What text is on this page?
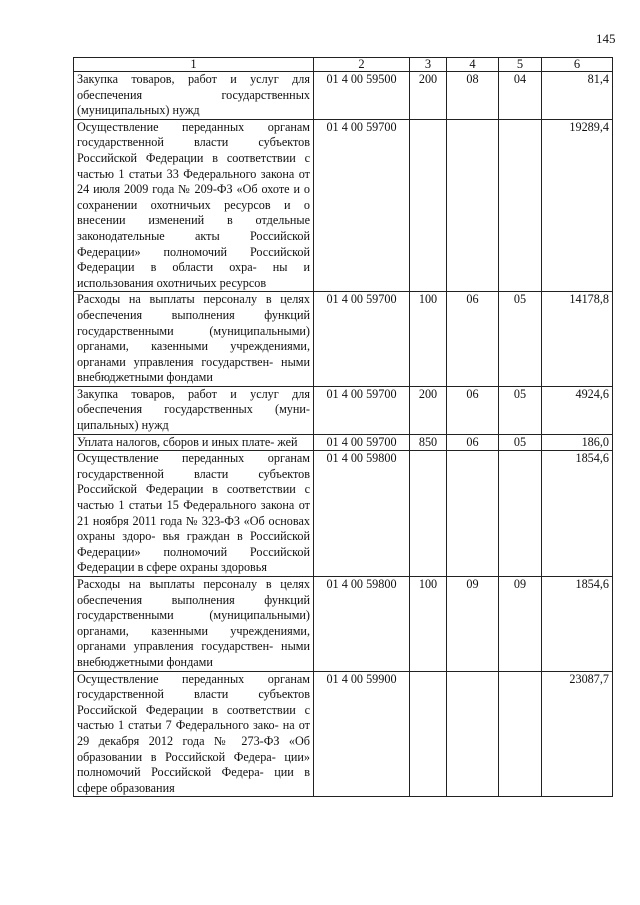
145
1	2	3	4	5	6
Закупка товаров, работ и услуг для обеспечения государственных (муниципальных) нужд	01 4 00 59500	200	08	04	81,4
Осуществление переданных органам государственной власти субъектов Российской Федерации в соответствии с частью 1 статьи 33 Федерального закона от 24 июля 2009 года № 209-ФЗ «Об охоте и о сохранении охотничьих ресурсов и о внесении изменений в отдельные законодательные акты Российской Федерации» полномочий Российской Федерации в области охра- ны и использования охотничьих ресурсов	01 4 00 59700				19289,4
Расходы на выплаты персоналу в целях обеспечения выполнения функций государственными (муниципальными) органами, казенными учреждениями, органами управления государствен- ными внебюджетными фондами	01 4 00 59700	100	06	05	14178,8
Закупка товаров, работ и услуг для обеспечения государственных (муни- ципальных) нужд	01 4 00 59700	200	06	05	4924,6
Уплата налогов, сборов и иных плате- жей	01 4 00 59700	850	06	05	186,0
Осуществление переданных органам государственной власти субъектов Российской Федерации в соответствии с частью 1 статьи 15 Федерального закона от 21 ноября 2011 года № 323-ФЗ «Об основах охраны здоро- вья граждан в Российской Федерации» полномочий Российской Федерации в сфере охраны здоровья	01 4 00 59800				1854,6
Расходы на выплаты персоналу в целях обеспечения выполнения функций государственными (муниципальными) органами, казенными учреждениями, органами управления государствен- ными внебюджетными фондами	01 4 00 59800	100	09	09	1854,6
Осуществление переданных органам государственной власти субъектов Российской Федерации в соответствии с частью 1 статьи 7 Федерального зако- на от 29 декабря 2012 года № 273-ФЗ «Об образовании в Российской Федера- ции» полномочий Российской Федера- ции в сфере образования	01 4 00 59900				23087,7
